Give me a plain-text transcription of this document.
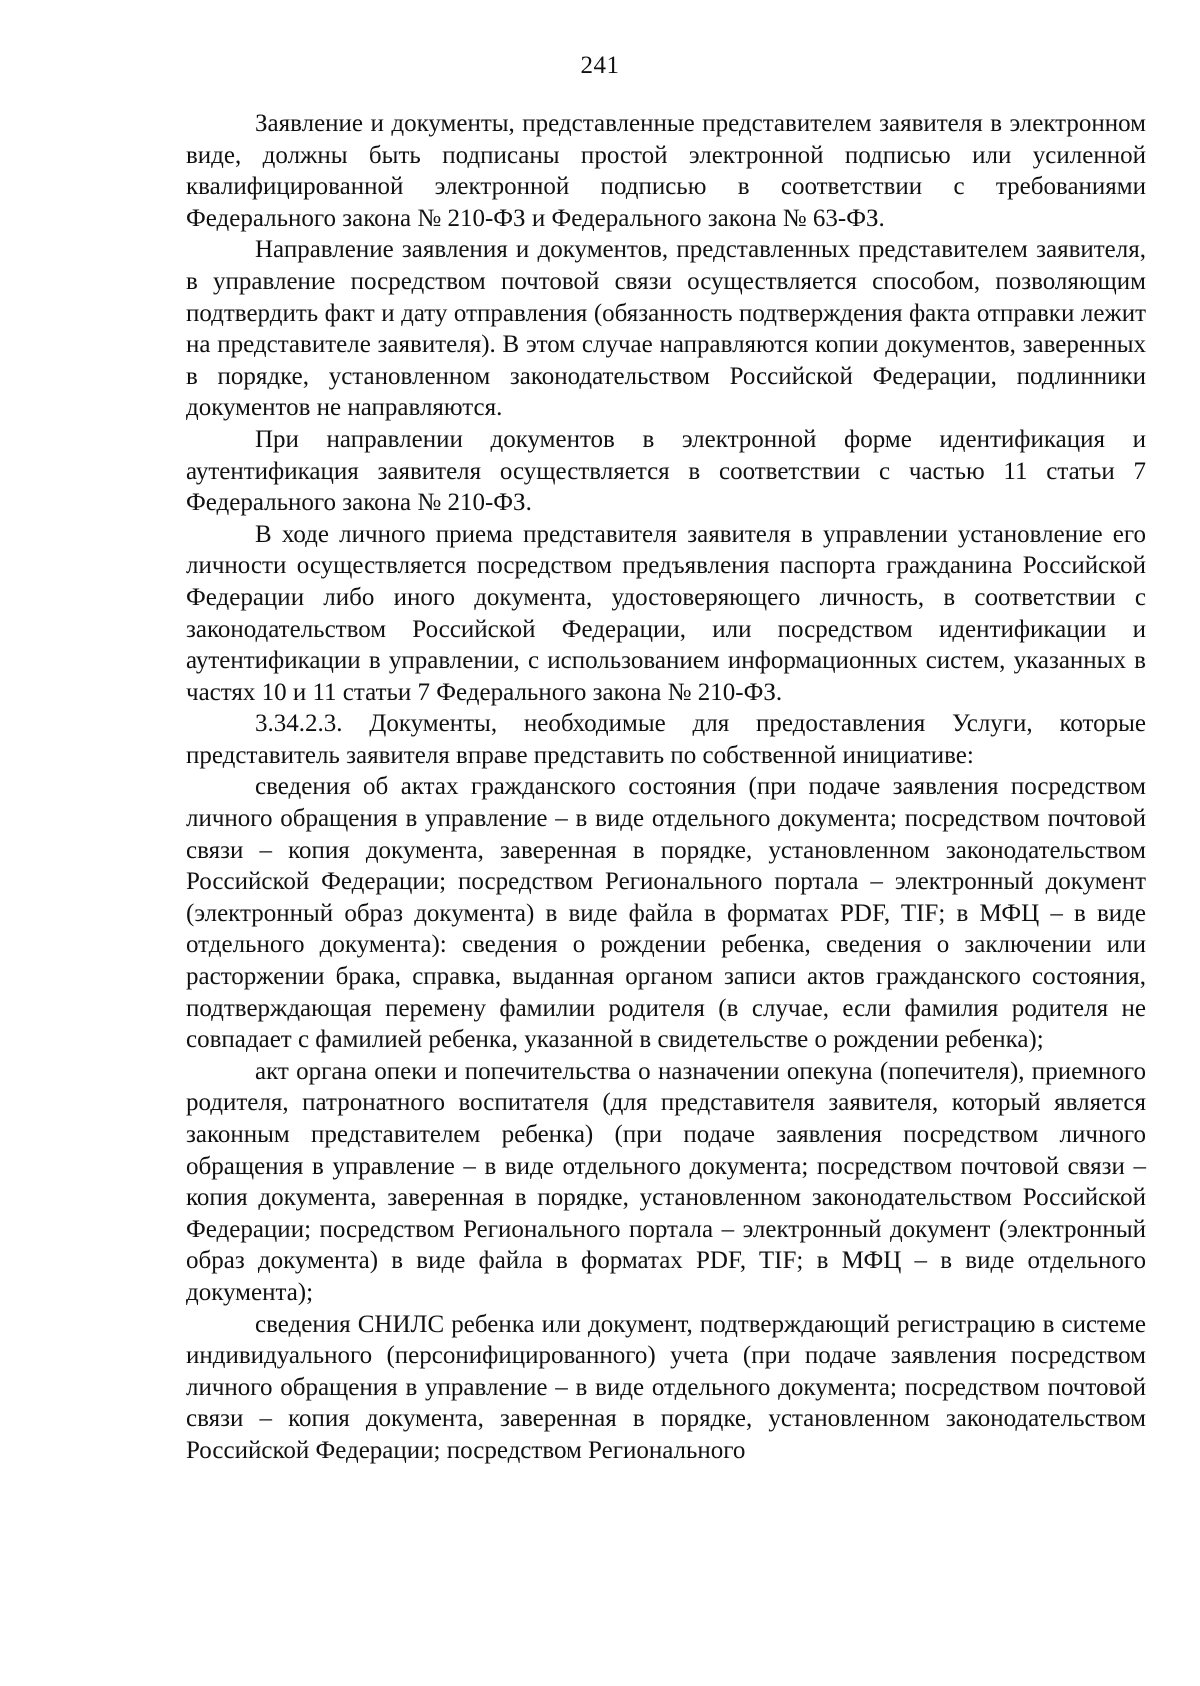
241

Заявление и документы, представленные представителем заявителя в электронном виде, должны быть подписаны простой электронной подписью или усиленной квалифицированной электронной подписью в соответствии с требованиями Федерального закона № 210-ФЗ и Федерального закона № 63-ФЗ.

Направление заявления и документов, представленных представителем заявителя, в управление посредством почтовой связи осуществляется способом, позволяющим подтвердить факт и дату отправления (обязанность подтверждения факта отправки лежит на представителе заявителя). В этом случае направляются копии документов, заверенных в порядке, установленном законодательством Российской Федерации, подлинники документов не направляются.

При направлении документов в электронной форме идентификация и аутентификация заявителя осуществляется в соответствии с частью 11 статьи 7 Федерального закона № 210-ФЗ.

В ходе личного приема представителя заявителя в управлении установление его личности осуществляется посредством предъявления паспорта гражданина Российской Федерации либо иного документа, удостоверяющего личность, в соответствии с законодательством Российской Федерации, или посредством идентификации и аутентификации в управлении, с использованием информационных систем, указанных в частях 10 и 11 статьи 7 Федерального закона № 210-ФЗ.

3.34.2.3. Документы, необходимые для предоставления Услуги, которые представитель заявителя вправе представить по собственной инициативе:

сведения об актах гражданского состояния (при подаче заявления посредством личного обращения в управление – в виде отдельного документа; посредством почтовой связи – копия документа, заверенная в порядке, установленном законодательством Российской Федерации; посредством Регионального портала – электронный документ (электронный образ документа) в виде файла в форматах PDF, TIF; в МФЦ – в виде отдельного документа): сведения о рождении ребенка, сведения о заключении или расторжении брака, справка, выданная органом записи актов гражданского состояния, подтверждающая перемену фамилии родителя (в случае, если фамилия родителя не совпадает с фамилией ребенка, указанной в свидетельстве о рождении ребенка);

акт органа опеки и попечительства о назначении опекуна (попечителя), приемного родителя, патронатного воспитателя (для представителя заявителя, который является законным представителем ребенка) (при подаче заявления посредством личного обращения в управление – в виде отдельного документа; посредством почтовой связи – копия документа, заверенная в порядке, установленном законодательством Российской Федерации; посредством Регионального портала – электронный документ (электронный образ документа) в виде файла в форматах PDF, TIF; в МФЦ – в виде отдельного документа);

сведения СНИЛС ребенка или документ, подтверждающий регистрацию в системе индивидуального (персонифицированного) учета (при подаче заявления посредством личного обращения в управление – в виде отдельного документа; посредством почтовой связи – копия документа, заверенная в порядке, установленном законодательством Российской Федерации; посредством Регионального
